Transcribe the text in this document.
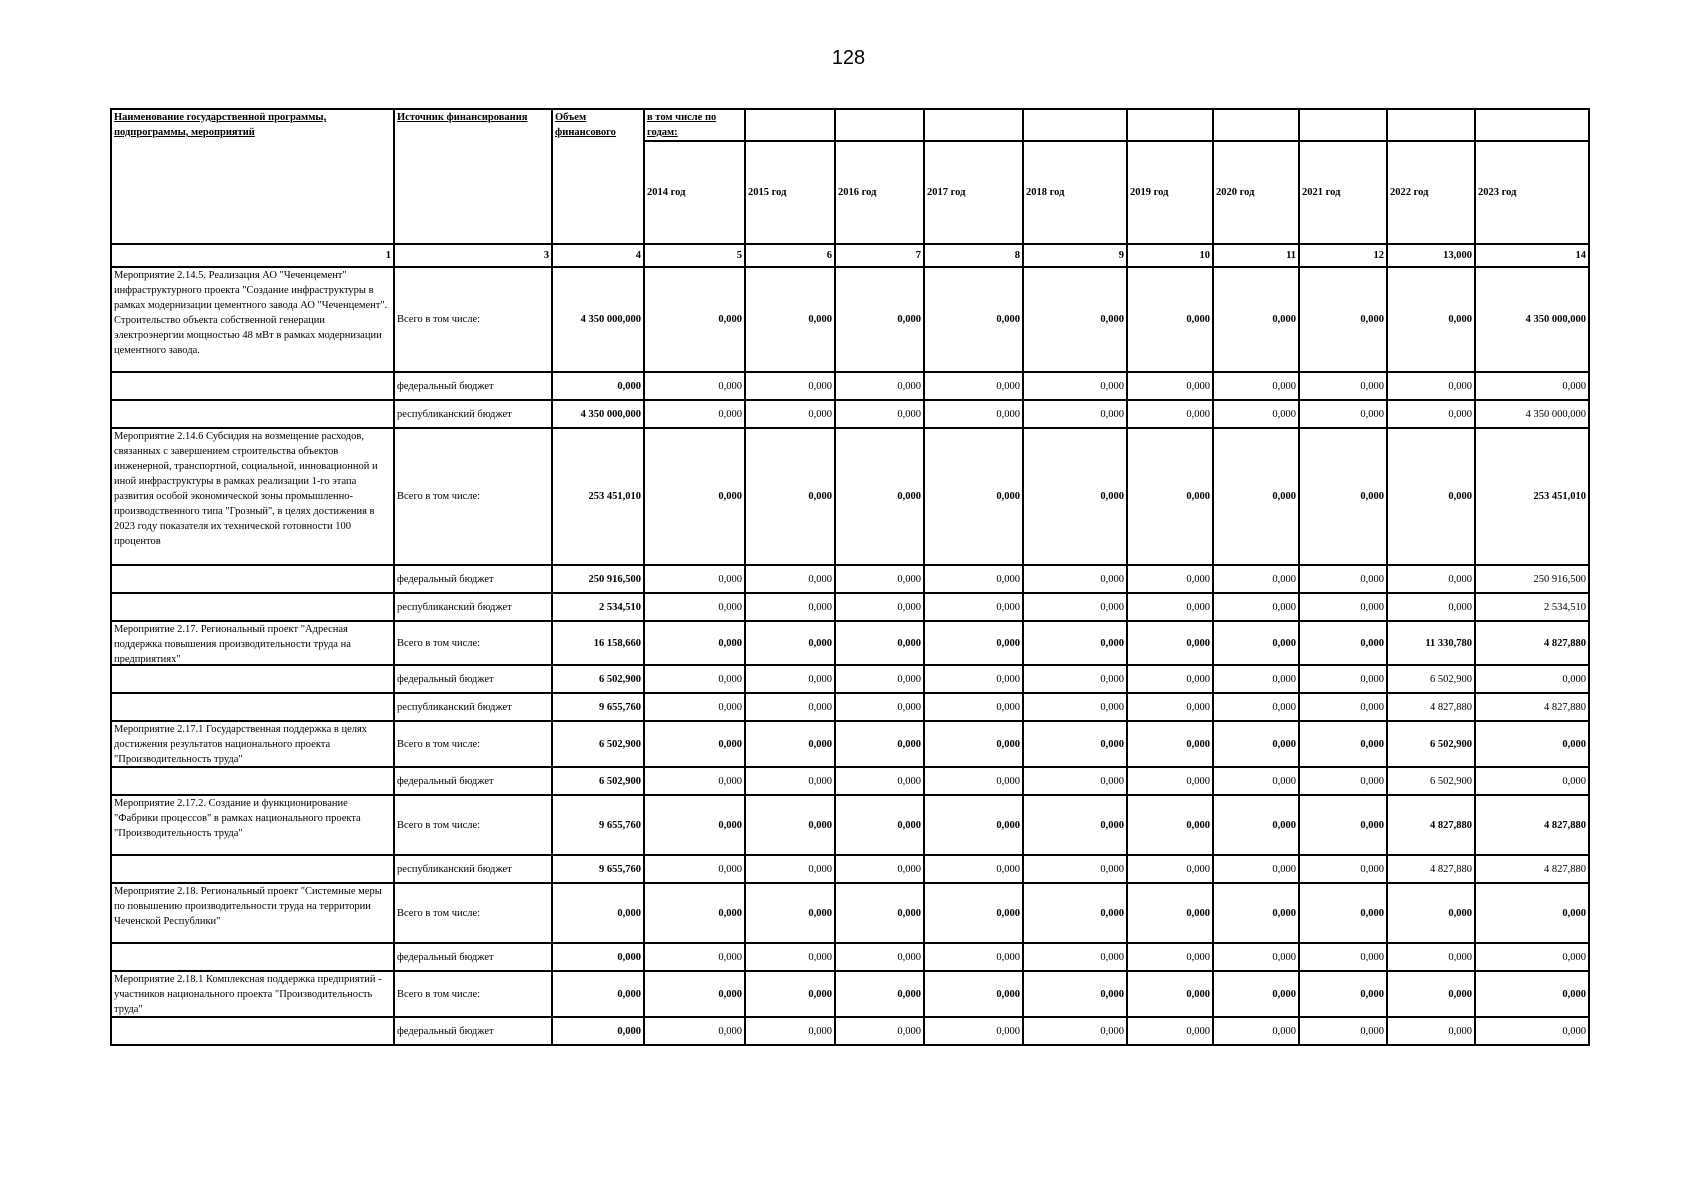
128
Наименование государственной программы, подпрограммы, мероприятий	Источник финансирования	Объем финансового	в том числе по годам:									
			2014 год	2015 год	2016 год	2017 год	2018 год	2019 год	2020 год	2021 год	2022 год	2023 год
1	3	4	5	6	7	8	9	10	11	12	13,000	14

Мероприятие 2.14.5. Реализация АО "Чеченцемент" инфраструктурного проекта "Создание инфраструктуры в рамках модернизации цементного завода АО "Чеченцемент". Строительство объекта собственной генерации электроэнергии мощностью 48 мВт в рамках модернизации цементного завода.	Всего в том числе:	4 350 000,000	0,000	0,000	0,000	0,000	0,000	0,000	0,000	0,000	0,000	4 350 000,000

	федеральный бюджет	0,000	0,000	0,000	0,000	0,000	0,000	0,000	0,000	0,000	0,000	0,000

	республиканский бюджет	4 350 000,000	0,000	0,000	0,000	0,000	0,000	0,000	0,000	0,000	0,000	4 350 000,000

Мероприятие 2.14.6 Субсидия на возмещение расходов, связанных с завершением строительства объектов инженерной, транспортной, социальной, инновационной и иной инфраструктуры в рамках реализации 1-го этапа развития особой экономической зоны промышленно-производственного типа "Грозный", в целях достижения в 2023 году показателя их технической готовности 100 процентов	Всего в том числе:	253 451,010	0,000	0,000	0,000	0,000	0,000	0,000	0,000	0,000	0,000	253 451,010

	федеральный бюджет	250 916,500	0,000	0,000	0,000	0,000	0,000	0,000	0,000	0,000	0,000	250 916,500

	республиканский бюджет	2 534,510	0,000	0,000	0,000	0,000	0,000	0,000	0,000	0,000	0,000	2 534,510

Мероприятие 2.17. Региональный проект "Адресная поддержка повышения производительности труда на предприятиях"	Всего в том числе:	16 158,660	0,000	0,000	0,000	0,000	0,000	0,000	0,000	0,000	11 330,780	4 827,880

	федеральный бюджет	6 502,900	0,000	0,000	0,000	0,000	0,000	0,000	0,000	0,000	6 502,900	0,000

	республиканский бюджет	9 655,760	0,000	0,000	0,000	0,000	0,000	0,000	0,000	0,000	4 827,880	4 827,880

Мероприятие 2.17.1 Государственная поддержка в целях достижения результатов национального проекта "Производительность труда"	Всего в том числе:	6 502,900	0,000	0,000	0,000	0,000	0,000	0,000	0,000	0,000	6 502,900	0,000

	федеральный бюджет	6 502,900	0,000	0,000	0,000	0,000	0,000	0,000	0,000	0,000	6 502,900	0,000

Мероприятие 2.17.2. Создание и функционирование "Фабрики процессов" в рамках национального проекта "Производительность труда"	Всего в том числе:	9 655,760	0,000	0,000	0,000	0,000	0,000	0,000	0,000	0,000	4 827,880	4 827,880

	республиканский бюджет	9 655,760	0,000	0,000	0,000	0,000	0,000	0,000	0,000	0,000	4 827,880	4 827,880

Мероприятие 2.18. Региональный проект "Системные меры по повышению производительности труда на территории Чеченской Республики"	Всего в том числе:	0,000	0,000	0,000	0,000	0,000	0,000	0,000	0,000	0,000	0,000	0,000

	федеральный бюджет	0,000	0,000	0,000	0,000	0,000	0,000	0,000	0,000	0,000	0,000	0,000

Мероприятие 2.18.1 Комплексная поддержка предприятий - участников национального проекта "Производительность труда"	Всего в том числе:	0,000	0,000	0,000	0,000	0,000	0,000	0,000	0,000	0,000	0,000	0,000

	федеральный бюджет	0,000	0,000	0,000	0,000	0,000	0,000	0,000	0,000	0,000	0,000	0,000
